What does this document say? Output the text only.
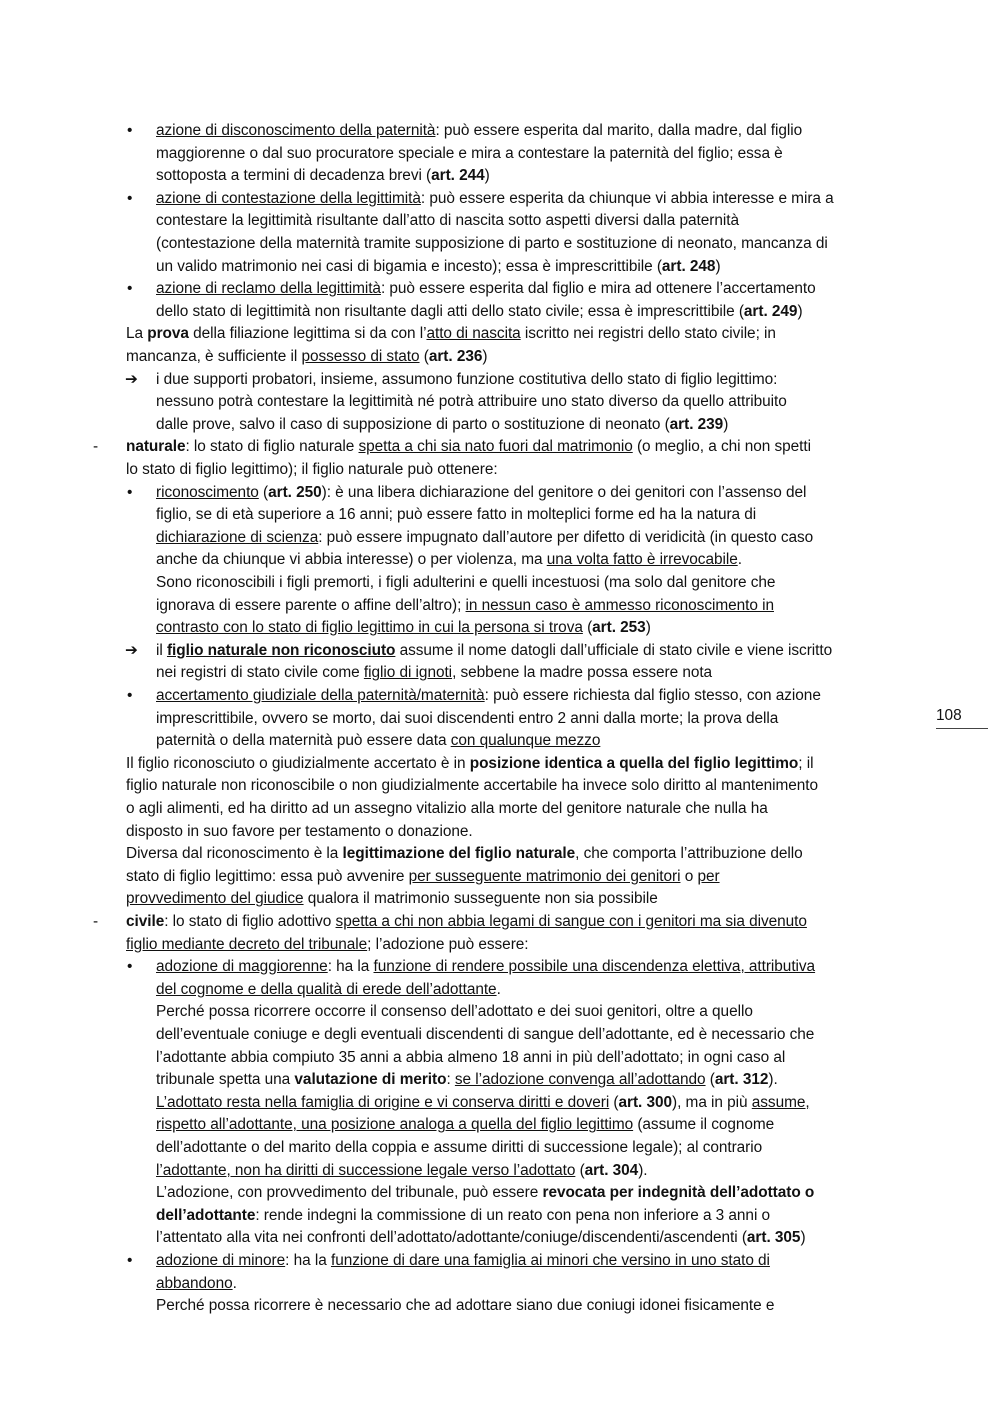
• azione di disconoscimento della paternità: può essere esperita dal marito, dalla madre, dal figlio
maggiorenne o dal suo procuratore speciale e mira a contestare la paternità del figlio; essa è
sottoposta a termini di decadenza brevi (art. 244)
• azione di contestazione della legittimità: può essere esperita da chiunque vi abbia interesse e mira a
contestare la legittimità risultante dall’atto di nascita sotto aspetti diversi dalla paternità
(contestazione della maternità tramite supposizione di parto e sostituzione di neonato, mancanza di
un valido matrimonio nei casi di bigamia e incesto); essa è imprescrittibile (art. 248)
• azione di reclamo della legittimità: può essere esperita dal figlio e mira ad ottenere l’accertamento
dello stato di legittimità non risultante dagli atti dello stato civile; essa è imprescrittibile (art. 249)
La prova della filiazione legittima si da con l’atto di nascita iscritto nei registri dello stato civile; in
mancanza, è sufficiente il possesso di stato (art. 236)
➔ i due supporti probatori, insieme, assumono funzione costitutiva dello stato di figlio legittimo:
nessuno potrà contestare la legittimità né potrà attribuire uno stato diverso da quello attribuito
dalle prove, salvo il caso di supposizione di parto o sostituzione di neonato (art. 239)
- naturale: lo stato di figlio naturale spetta a chi sia nato fuori dal matrimonio (o meglio, a chi non spetti
lo stato di figlio legittimo); il figlio naturale può ottenere:
• riconoscimento (art. 250): è una libera dichiarazione del genitore o dei genitori con l’assenso del
figlio, se di età superiore a 16 anni; può essere fatto in molteplici forme ed ha la natura di
dichiarazione di scienza: può essere impugnato dall’autore per difetto di veridicità (in questo caso
anche da chiunque vi abbia interesse) o per violenza, ma una volta fatto è irrevocabile.
Sono riconoscibili i figli premorti, i figli adulterini e quelli incestuosi (ma solo dal genitore che
ignorava di essere parente o affine dell’altro); in nessun caso è ammesso riconoscimento in
contrasto con lo stato di figlio legittimo in cui la persona si trova (art. 253)
➔ il figlio naturale non riconosciuto assume il nome datogli dall’ufficiale di stato civile e viene iscritto
nei registri di stato civile come figlio di ignoti, sebbene la madre possa essere nota
• accertamento giudiziale della paternità/maternità: può essere richiesta dal figlio stesso, con azione
imprescrittibile, ovvero se morto, dai suoi discendenti entro 2 anni dalla morte; la prova della
paternità o della maternità può essere data con qualunque mezzo
Il figlio riconosciuto o giudizialmente accertato è in posizione identica a quella del figlio legittimo; il
figlio naturale non riconoscibile o non giudizialmente accertabile ha invece solo diritto al mantenimento
o agli alimenti, ed ha diritto ad un assegno vitalizio alla morte del genitore naturale che nulla ha
disposto in suo favore per testamento o donazione.
Diversa dal riconoscimento è la legittimazione del figlio naturale, che comporta l’attribuzione dello
stato di figlio legittimo: essa può avvenire per susseguente matrimonio dei genitori o per
provvedimento del giudice qualora il matrimonio susseguente non sia possibile
- civile: lo stato di figlio adottivo spetta a chi non abbia legami di sangue con i genitori ma sia divenuto
figlio mediante decreto del tribunale; l’adozione può essere:
• adozione di maggiorenne: ha la funzione di rendere possibile una discendenza elettiva, attributiva
del cognome e della qualità di erede dell’adottante.
Perché possa ricorrere occorre il consenso dell’adottato e dei suoi genitori, oltre a quello
dell’eventuale coniuge e degli eventuali discendenti di sangue dell’adottante, ed è necessario che
l’adottante abbia compiuto 35 anni a abbia almeno 18 anni in più dell’adottato; in ogni caso al
tribunale spetta una valutazione di merito: se l’adozione convenga all’adottando (art. 312).
L’adottato resta nella famiglia di origine e vi conserva diritti e doveri (art. 300), ma in più assume,
rispetto all’adottante, una posizione analoga a quella del figlio legittimo (assume il cognome
dell’adottante o del marito della coppia e assume diritti di successione legale); al contrario
l’adottante, non ha diritti di successione legale verso l’adottato (art. 304).
L’adozione, con provvedimento del tribunale, può essere revocata per indegnità dell’adottato o
dell’adottante: rende indegni la commissione di un reato con pena non inferiore a 3 anni o
l’attentato alla vita nei confronti dell’adottato/adottante/coniuge/discendenti/ascendenti (art. 305)
• adozione di minore: ha la funzione di dare una famiglia ai minori che versino in uno stato di
abbandono.
Perché possa ricorrere è necessario che ad adottare siano due coniugi idonei fisicamente e
108
